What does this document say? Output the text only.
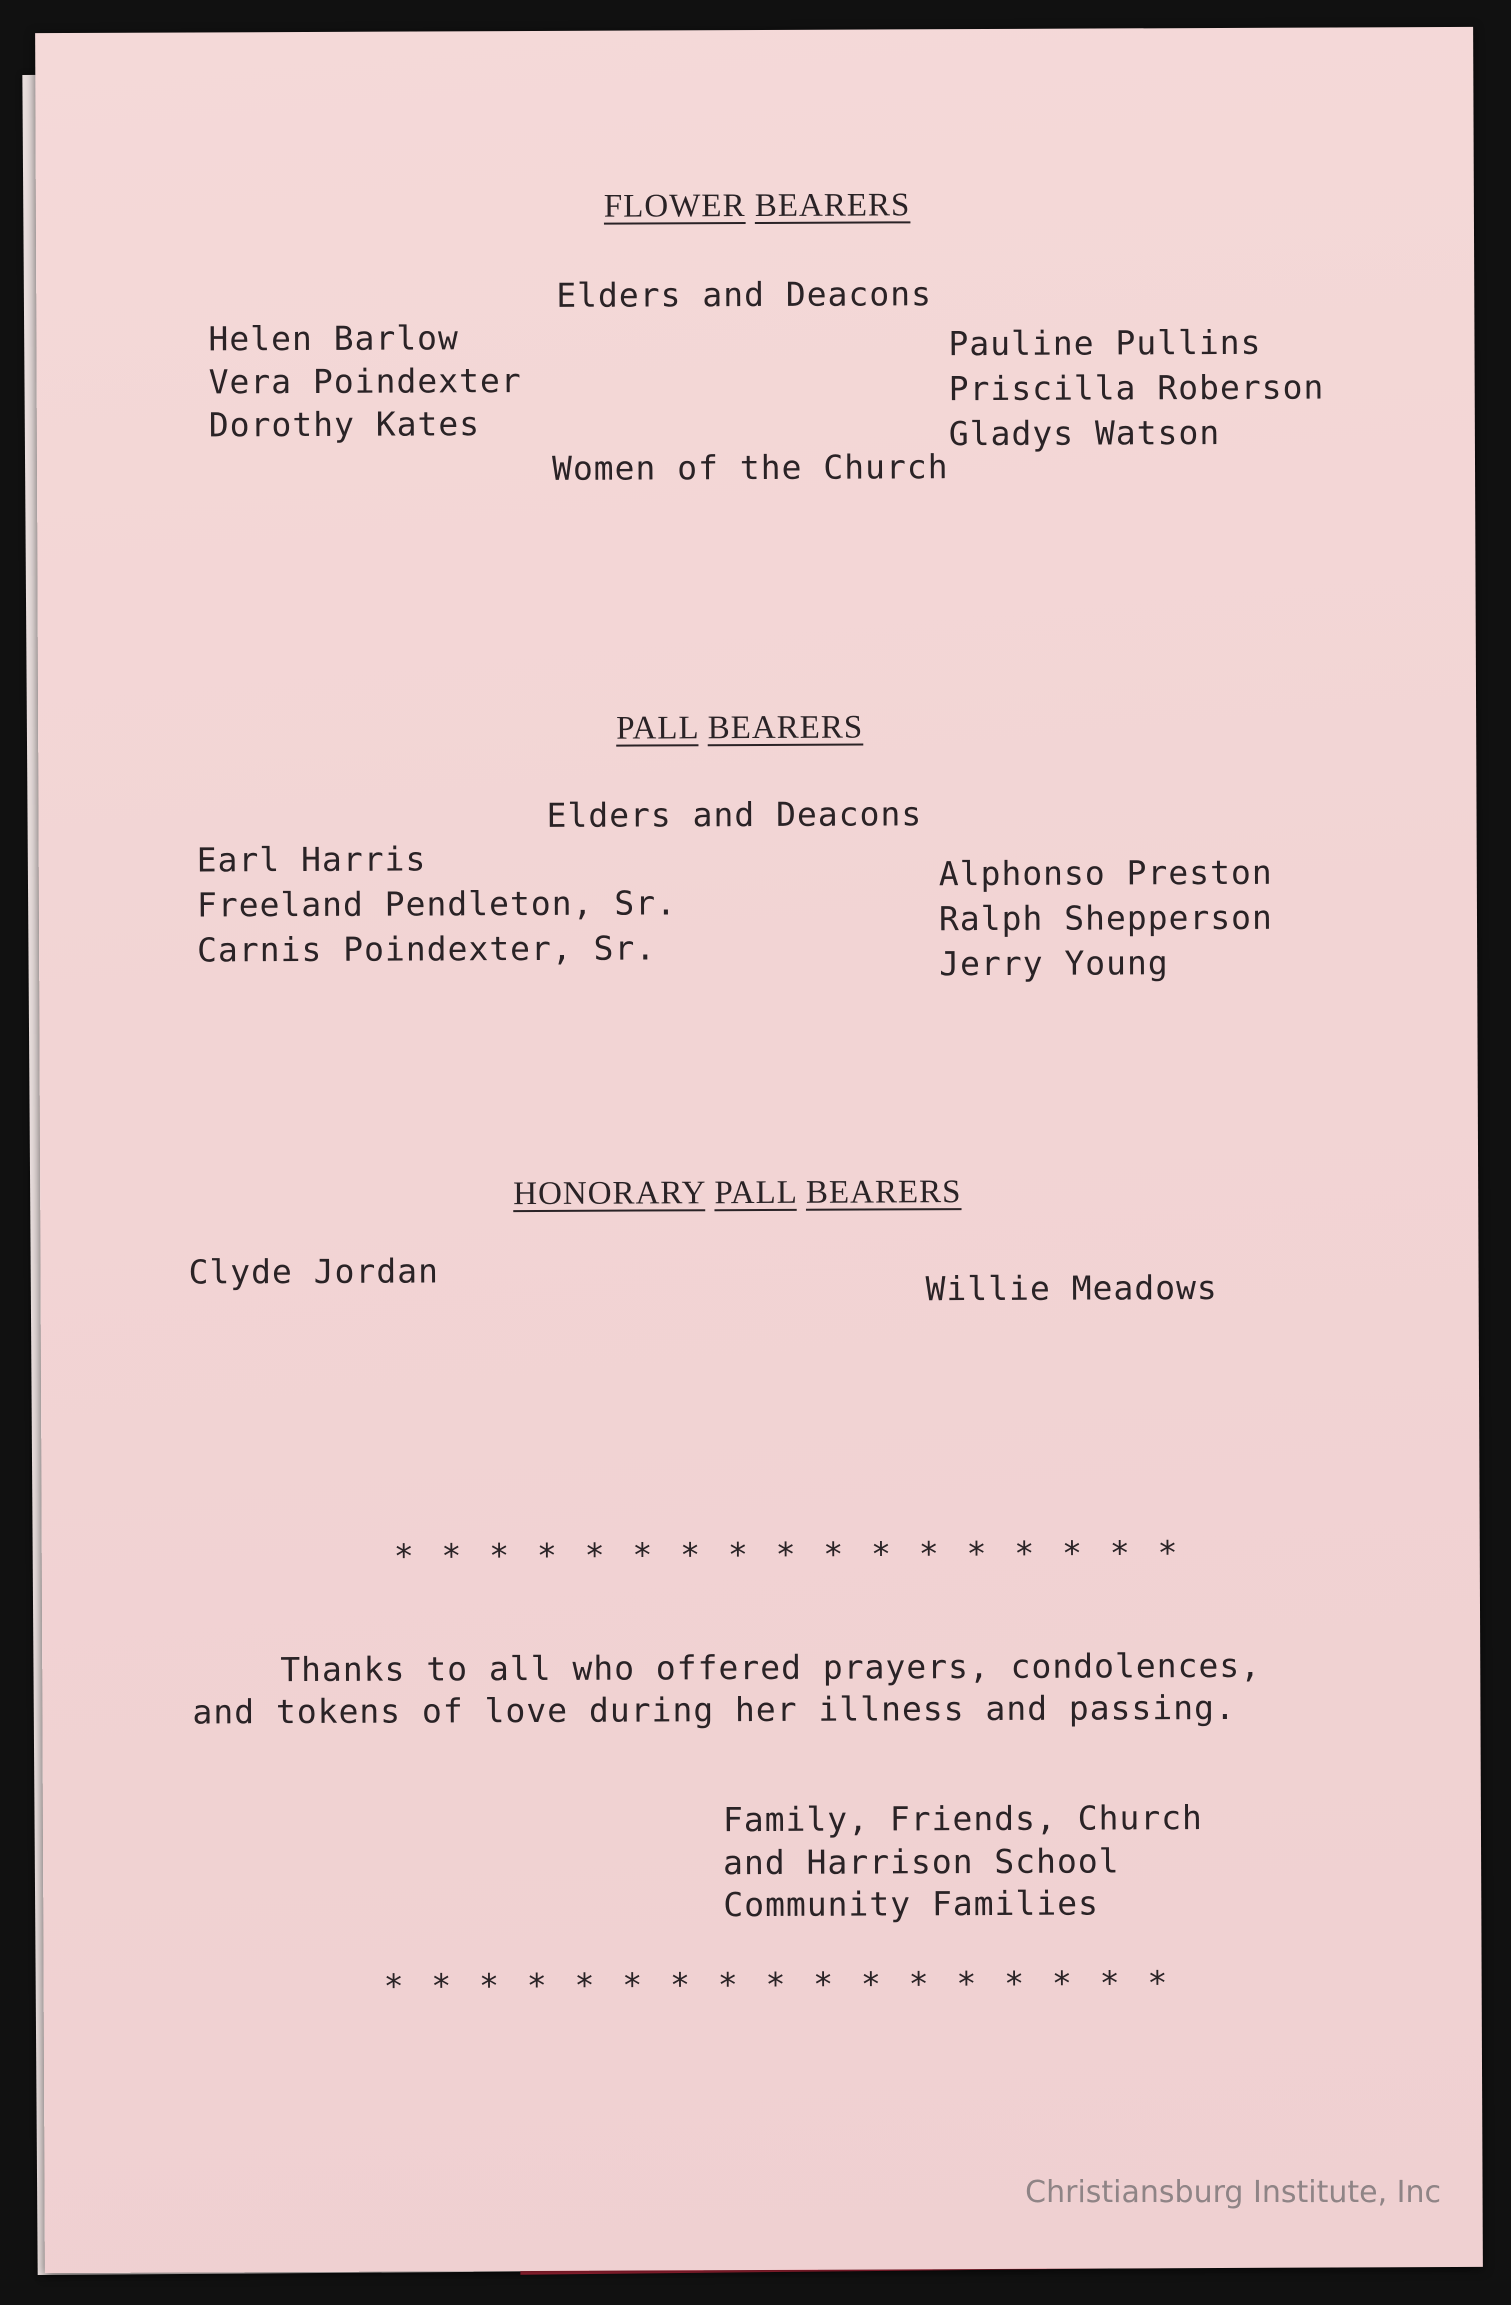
FLOWER BEARERS
Elders and Deacons
Helen Barlow
Vera Poindexter
Dorothy Kates
Pauline Pullins
Priscilla Roberson
Gladys Watson
Women of the Church
PALL BEARERS
Elders and Deacons
Earl Harris
Freeland Pendleton, Sr.
Carnis Poindexter, Sr.
Alphonso Preston
Ralph Shepperson
Jerry Young
HONORARY PALL BEARERS
Clyde Jordan	Willie Meadows
* * * * * * * * * * * * * * * * *
Thanks to all who offered prayers, condolences,
and tokens of love during her illness and passing.
Family, Friends, Church
and Harrison School
Community Families
* * * * * * * * * * * * * * * * *
Christiansburg Institute, Inc
